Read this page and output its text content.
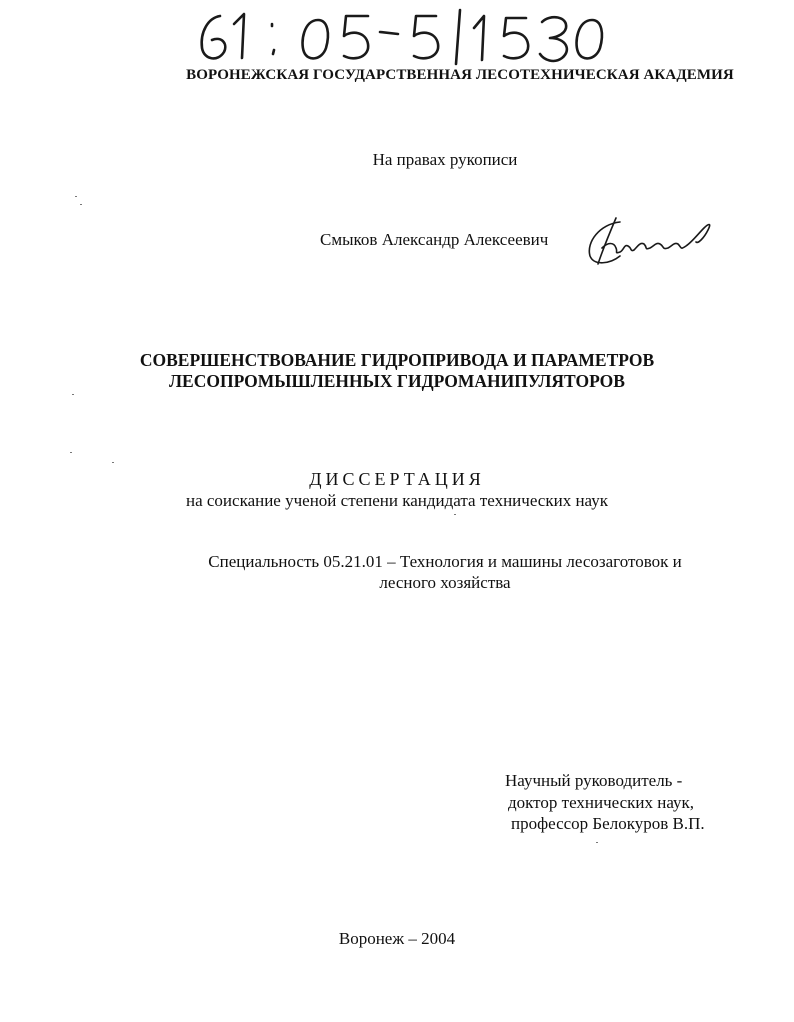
ВОРОНЕЖСКАЯ ГОСУДАРСТВЕННАЯ ЛЕСОТЕХНИЧЕСКАЯ АКАДЕМИЯ
На правах рукописи
Смыков Александр Алексеевич
СОВЕРШЕНСТВОВАНИЕ ГИДРОПРИВОДА И ПАРАМЕТРОВ
ЛЕСОПРОМЫШЛЕННЫХ ГИДРОМАНИПУЛЯТОРОВ
ДИССЕРТАЦИЯ
на соискание ученой степени кандидата технических наук
Специальность 05.21.01 – Технология и машины лесозаготовок и
лесного хозяйства
Научный руководитель -
доктор технических наук,
профессор Белокуров В.П.
Воронеж – 2004
